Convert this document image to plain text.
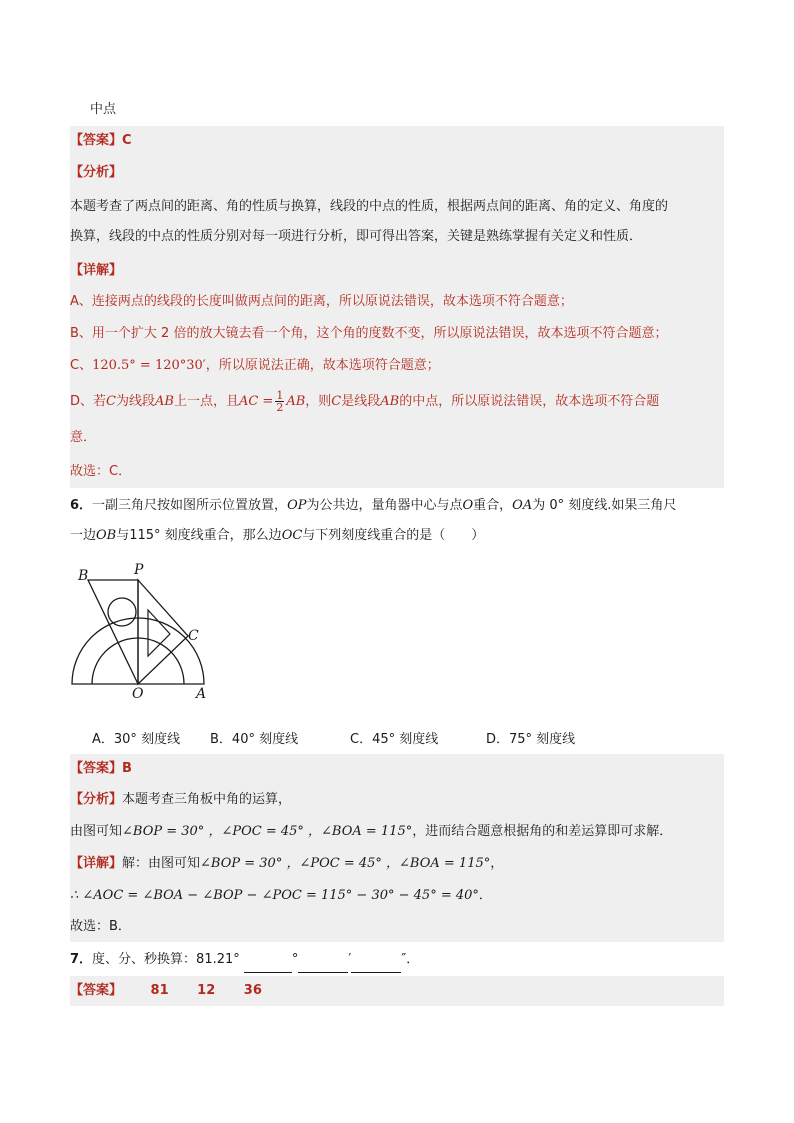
中点
【答案】C
【分析】
本题考查了两点间的距离、角的性质与换算，线段的中点的性质，根据两点间的距离、角的定义、角度的
换算，线段的中点的性质分别对每一项进行分析，即可得出答案，关键是熟练掌握有关定义和性质．
【详解】
A、连接两点的线段的长度叫做两点间的距离，所以原说法错误，故本选项不符合题意；
B、用一个扩大 2 倍的放大镜去看一个角，这个角的度数不变，所以原说法错误，故本选项不符合题意；
C、120.5° = 120°30′，所以原说法正确，故本选项符合题意；
D、若C为线段AB上一点，且AC = $\frac{1}{2}$ AB，则C是线段AB的中点，所以原说法错误，故本选项不符合题
意．
故选：C．
6．一副三角尺按如图所示位置放置，OP为公共边，量角器中心与点O重合，OA为 0° 刻度线.如果三角尺
一边OB与115° 刻度线重合，那么边OC与下列刻度线重合的是（　　）
B	P
C
O	A
A．30° 刻度线 B．40° 刻度线	C．45° 刻度线	D．75° 刻度线
【答案】B
【分析】本题考查三角板中角的运算，
由图可知∠BOP = 30° ，∠POC = 45° ，∠BOA = 115°，进而结合题意根据角的和差运算即可求解．
【详解】解：由图可知∠BOP = 30° ，∠POC = 45° ，∠BOA = 115°，
∴ ∠AOC = ∠BOA − ∠BOP − ∠POC = 115° − 30° − 45° = 40°．
故选：B．
7．度、分、秒换算：81.21°	°	′	″．
【答案】 81 12 36
